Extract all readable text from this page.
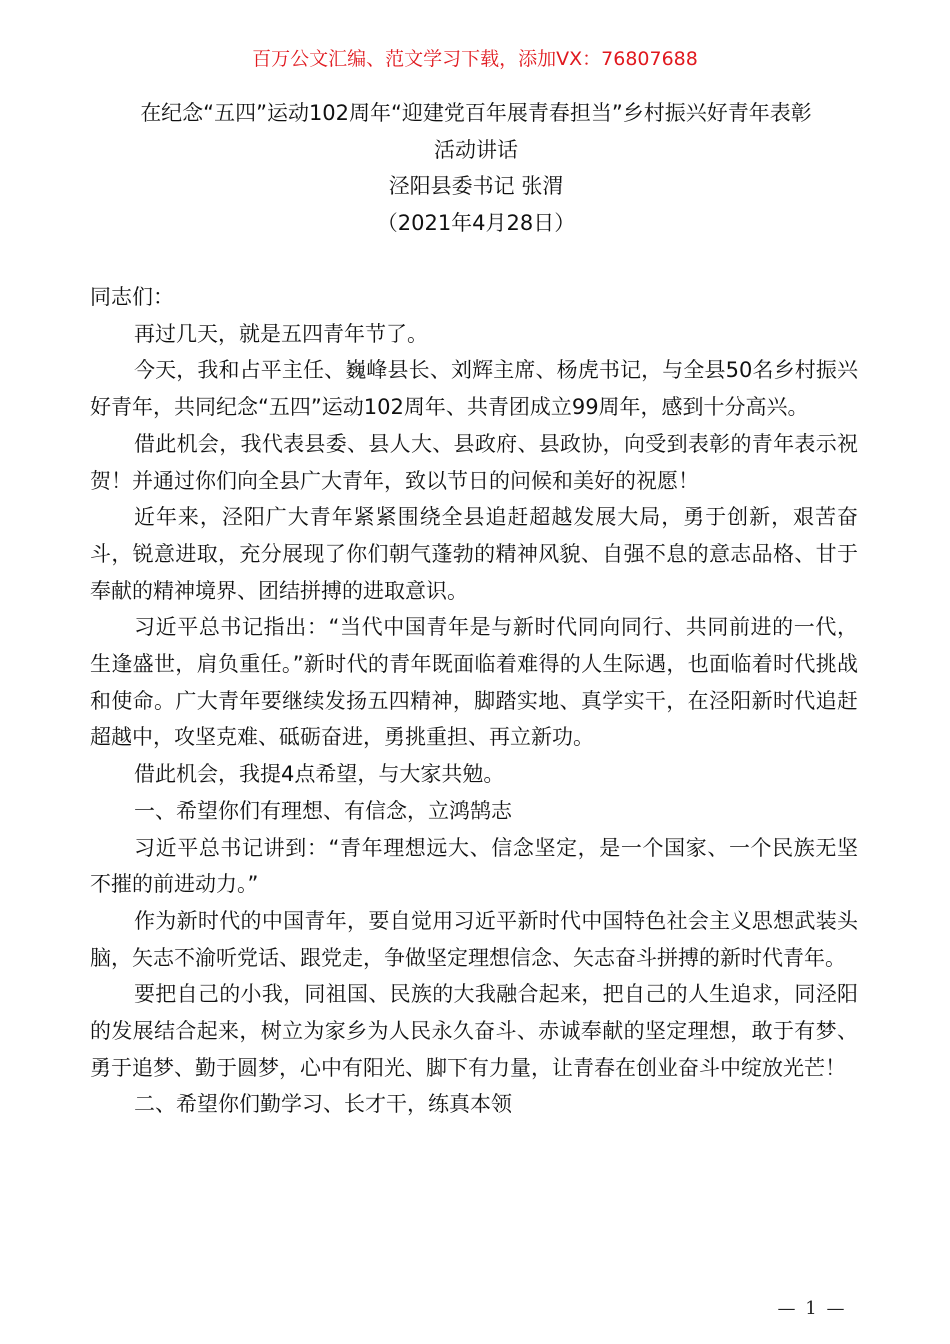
百万公文汇编、范文学习下载，添加VX：76807688
在纪念“五四”运动102周年“迎建党百年展青春担当”乡村振兴好青年表彰
活动讲话
泾阳县委书记 张渭
（2021年4月28日）

同志们：

再过几天，就是五四青年节了。

今天，我和占平主任、巍峰县长、刘辉主席、杨虎书记，与全县50名乡村振兴好青年，共同纪念“五四”运动102周年、共青团成立99周年，感到十分高兴。

借此机会，我代表县委、县人大、县政府、县政协，向受到表彰的青年表示祝贺！并通过你们向全县广大青年，致以节日的问候和美好的祝愿！

近年来，泾阳广大青年紧紧围绕全县追赶超越发展大局，勇于创新，艰苦奋斗，锐意进取，充分展现了你们朝气蓬勃的精神风貌、自强不息的意志品格、甘于奉献的精神境界、团结拼搏的进取意识。

习近平总书记指出：“当代中国青年是与新时代同向同行、共同前进的一代，生逢盛世，肩负重任。”新时代的青年既面临着难得的人生际遇，也面临着时代挑战和使命。广大青年要继续发扬五四精神，脚踏实地、真学实干，在泾阳新时代追赶超越中，攻坚克难、砥砺奋进，勇挑重担、再立新功。

借此机会，我提4点希望，与大家共勉。

一、希望你们有理想、有信念，立鸿鹄志

习近平总书记讲到：“青年理想远大、信念坚定，是一个国家、一个民族无坚不摧的前进动力。”

作为新时代的中国青年，要自觉用习近平新时代中国特色社会主义思想武装头脑，矢志不渝听党话、跟党走，争做坚定理想信念、矢志奋斗拼搏的新时代青年。

要把自己的小我，同祖国、民族的大我融合起来，把自己的人生追求，同泾阳的发展结合起来，树立为家乡为人民永久奋斗、赤诚奉献的坚定理想，敢于有梦、勇于追梦、勤于圆梦，心中有阳光、脚下有力量，让青春在创业奋斗中绽放光芒！

二、希望你们勤学习、长才干，练真本领

— 1 —
